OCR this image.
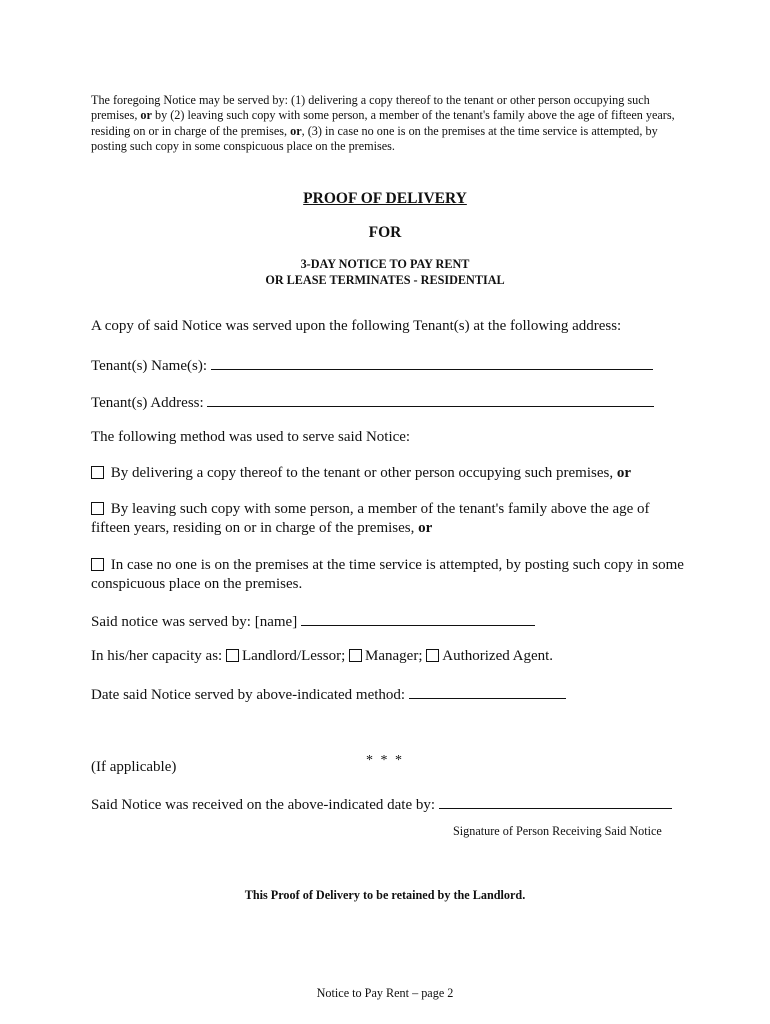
The foregoing Notice may be served by: (1) delivering a copy thereof to the tenant or other person occupying such premises, or by (2) leaving such copy with some person, a member of the tenant's family above the age of fifteen years, residing on or in charge of the premises, or, (3) in case no one is on the premises at the time service is attempted, by posting such copy in some conspicuous place on the premises.

PROOF OF DELIVERY

FOR

3-DAY NOTICE TO PAY RENT

OR LEASE TERMINATES - RESIDENTIAL

A copy of said Notice was served upon the following Tenant(s) at the following address:

Tenant(s) Name(s):

Tenant(s) Address:

The following method was used to serve said Notice:

By delivering a copy thereof to the tenant or other person occupying such premises, or

By leaving such copy with some person, a member of the tenant's family above the age of fifteen years, residing on or in charge of the premises, or

In case no one is on the premises at the time service is attempted, by posting such copy in some conspicuous place on the premises.

Said notice was served by: [name]

In his/her capacity as: Landlord/Lessor; Manager; Authorized Agent.

Date said Notice served by above-indicated method:

* * *

(If applicable)

Said Notice was received on the above-indicated date by:

Signature of Person Receiving Said Notice

This Proof of Delivery to be retained by the Landlord.

Notice to Pay Rent – page 2
